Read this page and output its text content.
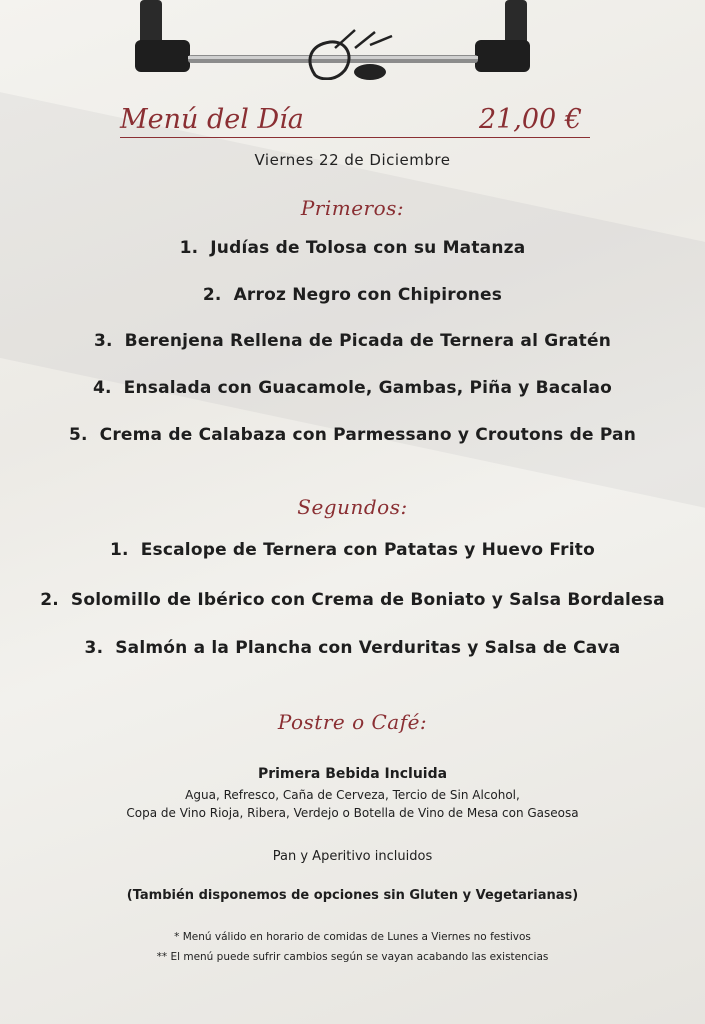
Menú del Día	21,00 €
Viernes 22 de Diciembre
Primeros:
1. Judías de Tolosa con su Matanza
2. Arroz Negro con Chipirones
3. Berenjena Rellena de Picada de Ternera al Gratén
4. Ensalada con Guacamole, Gambas, Piña y Bacalao
5. Crema de Calabaza con Parmessano y Croutons de Pan
Segundos:
1. Escalope de Ternera con Patatas y Huevo Frito
2. Solomillo de Ibérico con Crema de Boniato y Salsa Bordalesa
3. Salmón a la Plancha con Verduritas y Salsa de Cava
Postre o Café:
Primera Bebida Incluida
Agua, Refresco, Caña de Cerveza, Tercio de Sin Alcohol,
Copa de Vino Rioja, Ribera, Verdejo o Botella de Vino de Mesa con Gaseosa
Pan y Aperitivo incluidos
(También disponemos de opciones sin Gluten y Vegetarianas)
* Menú válido en horario de comidas de Lunes a Viernes no festivos
** El menú puede sufrir cambios según se vayan acabando las existencias
